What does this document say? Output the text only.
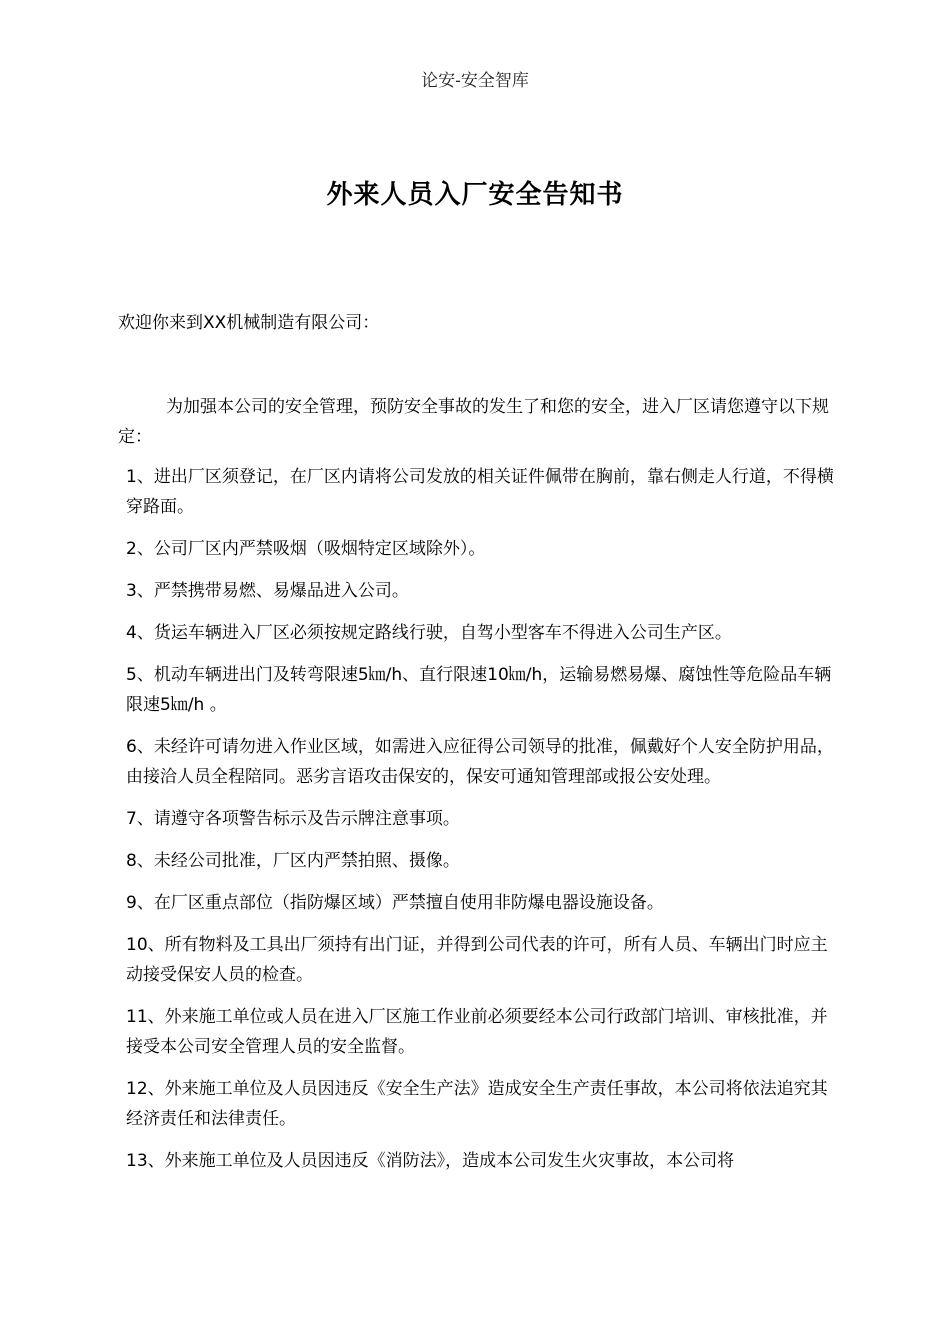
论安-安全智库
外来人员入厂安全告知书
欢迎你来到XX机械制造有限公司：

为加强本公司的安全管理，预防安全事故的发生了和您的安全，进入厂区请您遵守以下规定：

1、进出厂区须登记，在厂区内请将公司发放的相关证件佩带在胸前，靠右侧走人行道，不得横穿路面。

2、公司厂区内严禁吸烟（吸烟特定区域除外）。

3、严禁携带易燃、易爆品进入公司。

4、货运车辆进入厂区必须按规定路线行驶，自驾小型客车不得进入公司生产区。

5、机动车辆进出门及转弯限速5㎞/h、直行限速10㎞/h，运输易燃易爆、腐蚀性等危险品车辆限速5㎞/h 。

6、未经许可请勿进入作业区域，如需进入应征得公司领导的批准，佩戴好个人安全防护用品，由接洽人员全程陪同。恶劣言语攻击保安的，保安可通知管理部或报公安处理。

7、请遵守各项警告标示及告示牌注意事项。

8、未经公司批准，厂区内严禁拍照、摄像。

9、在厂区重点部位（指防爆区域）严禁擅自使用非防爆电器设施设备。

10、所有物料及工具出厂须持有出门证，并得到公司代表的许可，所有人员、车辆出门时应主动接受保安人员的检查。

11、外来施工单位或人员在进入厂区施工作业前必须要经本公司行政部门培训、审核批准，并接受本公司安全管理人员的安全监督。

12、外来施工单位及人员因违反《安全生产法》造成安全生产责任事故，本公司将依法追究其经济责任和法律责任。

13、外来施工单位及人员因违反《消防法》，造成本公司发生火灾事故，本公司将
